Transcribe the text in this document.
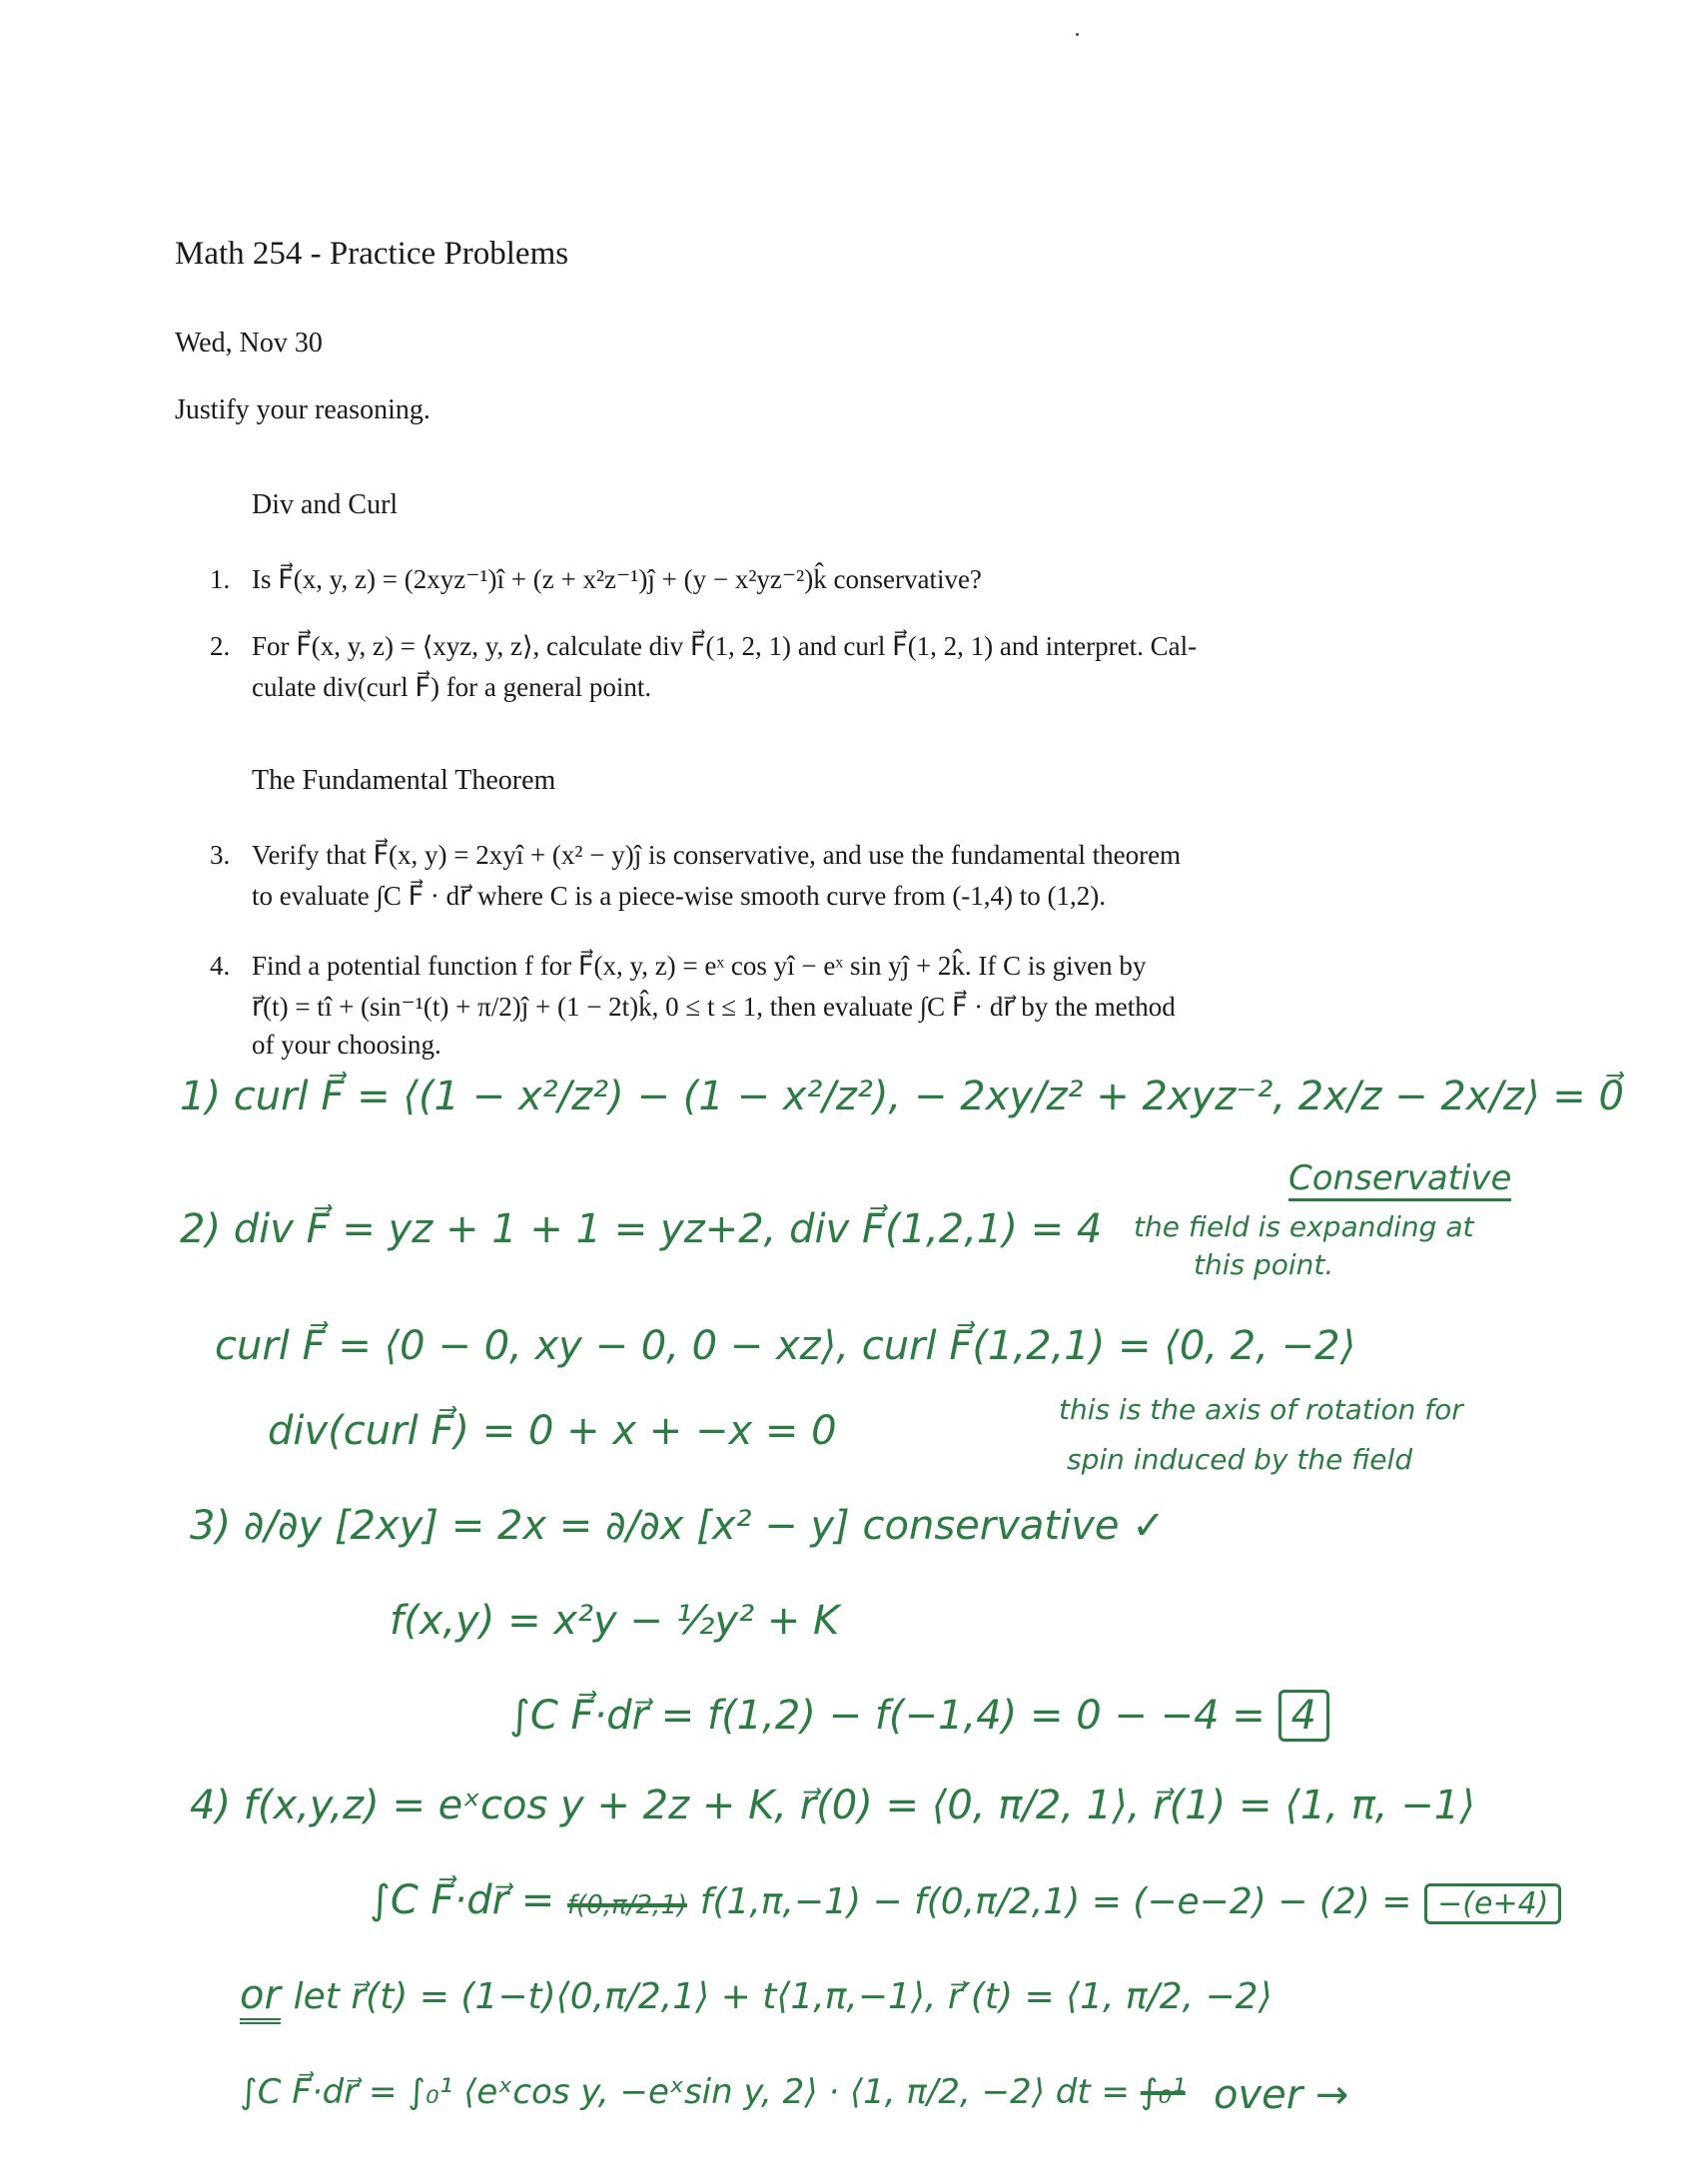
Math 254 - Practice Problems
Wed, Nov 30
Justify your reasoning.
Div and Curl
1. Is F⃗(x, y, z) = (2xyz⁻¹)î + (z + x²z⁻¹)ĵ + (y − x²yz⁻²)k̂ conservative?
2. For F⃗(x, y, z) = ⟨xyz, y, z⟩, calculate div F⃗(1, 2, 1) and curl F⃗(1, 2, 1) and interpret. Cal-
culate div(curl F⃗) for a general point.
The Fundamental Theorem
3. Verify that F⃗(x, y) = 2xyî + (x² − y)ĵ is conservative, and use the fundamental theorem
to evaluate ∫C F⃗ · dr⃗ where C is a piece-wise smooth curve from (-1,4) to (1,2).
4. Find a potential function f for F⃗(x, y, z) = eˣ cos yî − eˣ sin yĵ + 2k̂. If C is given by
r⃗(t) = tî + (sin⁻¹(t) + π/2)ĵ + (1 − 2t)k̂, 0 ≤ t ≤ 1, then evaluate ∫C F⃗ · dr⃗ by the method
of your choosing.
1) curl F⃗ = ⟨(1 − x²/z²) − (1 − x²/z²), − 2xy/z² + 2xyz⁻², 2x/z − 2x/z⟩ = 0⃗
Conservative
2) div F⃗ = yz + 1 + 1 = yz+2, div F⃗(1,2,1) = 4 the field is expanding at
this point.
curl F⃗ = ⟨0 − 0, xy − 0, 0 − xz⟩, curl F⃗(1,2,1) = ⟨0, 2, −2⟩
div(curl F⃗) = 0 + x + −x = 0	this is the axis of rotation for
spin induced by the field
3) ∂/∂y [2xy] = 2x = ∂/∂x [x² − y] conservative ✓
f(x,y) = x²y − ½y² + K
∫C F⃗·dr⃗ = f(1,2) − f(−1,4) = 0 − −4 = 4
4) f(x,y,z) = eˣcos y + 2z + K, r⃗(0) = ⟨0, π/2, 1⟩, r⃗(1) = ⟨1, π, −1⟩
∫C F⃗·dr⃗ = f(0,π/2,1) f(1,π,−1) − f(0,π/2,1) = (−e−2) − (2) = −(e+4)
or let r⃗(t) = (1−t)⟨0,π/2,1⟩ + t⟨1,π,−1⟩, r⃗′(t) = ⟨1, π/2, −2⟩
∫C F⃗·dr⃗ = ∫₀¹ ⟨eˣcos y, −eˣsin y, 2⟩ · ⟨1, π/2, −2⟩ dt = ∫₀¹ over →
